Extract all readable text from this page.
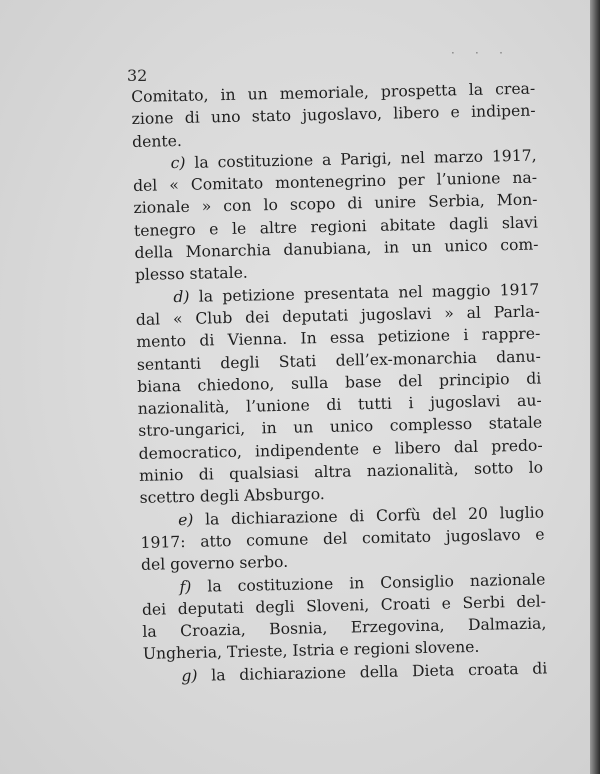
· · ·
32
Comitato, in un memoriale, prospetta la crea-
zione di uno stato jugoslavo, libero e indipen-
dente.
c) la costituzione a Parigi, nel marzo 1917,
del « Comitato montenegrino per l’unione na-
zionale » con lo scopo di unire Serbia, Mon-
tenegro e le altre regioni abitate dagli slavi
della Monarchia danubiana, in un unico com-
plesso statale.
d) la petizione presentata nel maggio 1917
dal « Club dei deputati jugoslavi » al Parla-
mento di Vienna. In essa petizione i rappre-
sentanti degli Stati dell’ex-monarchia danu-
biana chiedono, sulla base del principio di
nazionalità, l’unione di tutti i jugoslavi au-
stro-ungarici, in un unico complesso statale
democratico, indipendente e libero dal predo-
minio di qualsiasi altra nazionalità, sotto lo
scettro degli Absburgo.
e) la dichiarazione di Corfù del 20 luglio
1917: atto comune del comitato jugoslavo e
del governo serbo.
f) la costituzione in Consiglio nazionale
dei deputati degli Sloveni, Croati e Serbi del-
la Croazia, Bosnia, Erzegovina, Dalmazia,
Ungheria, Trieste, Istria e regioni slovene.
g) la dichiarazione della Dieta croata di
